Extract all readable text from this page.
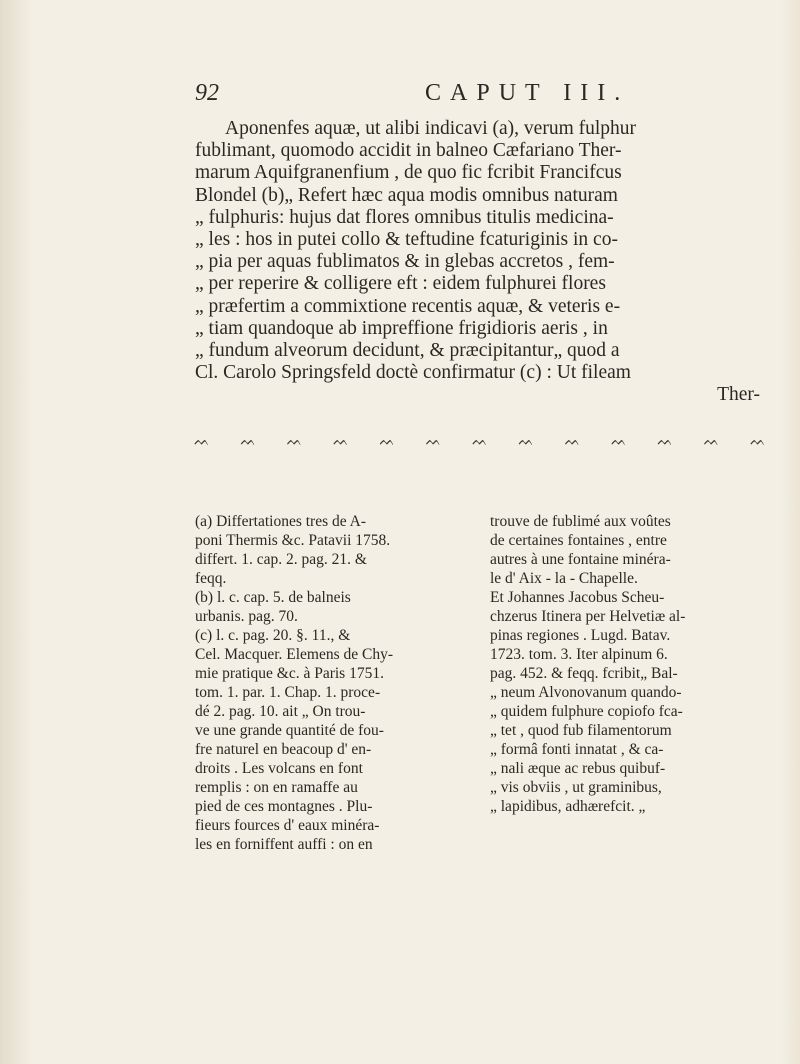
92	CAPUT III.
Aponenfes aquæ, ut alibi indicavi (a), verum fulphur
fublimant, quomodo accidit in balneo Cæfariano Ther-
marum Aquifgranenfium , de quo fic fcribit Francifcus
Blondel (b)„ Refert hæc aqua modis omnibus naturam
„ fulphuris: hujus dat flores omnibus titulis medicina-
„ les : hos in putei collo & teftudine fcaturiginis in co-
„ pia per aquas fublimatos & in glebas accretos , fem-
„ per reperire & colligere eft : eidem fulphurei flores
„ præfertim a commixtione recentis aquæ, & veteris e-
„ tiam quandoque ab impreffione frigidioris aeris , in
„ fundum alveorum decidunt, & præcipitantur„ quod a
Cl. Carolo Springsfeld doctè confirmatur (c) : Ut fileam
Ther-
ᨓ	ᨓ	ᨓ	ᨓ	ᨓ	ᨓ	ᨓ	ᨓ	ᨓ	ᨓ	ᨓ	ᨓ	ᨓ
(a) Differtationes tres de A-
poni Thermis &c. Patavii 1758.
differt. 1. cap. 2. pag. 21. &
feqq.
(b) l. c. cap. 5. de balneis
urbanis. pag. 70.
(c) l. c. pag. 20. §. 11., &
Cel. Macquer. Elemens de Chy-
mie pratique &c. à Paris 1751.
tom. 1. par. 1. Chap. 1. proce-
dé 2. pag. 10. ait „ On trou-
ve une grande quantité de fou-
fre naturel en beacoup d' en-
droits . Les volcans en font
remplis : on en ramaffe au
pied de ces montagnes . Plu-
fieurs fources d' eaux minéra-
les en forniffent auffi : on en
trouve de fublimé aux voûtes
de certaines fontaines , entre
autres à une fontaine minéra-
le d' Aix - la - Chapelle.
Et Johannes Jacobus Scheu-
chzerus Itinera per Helvetiæ al-
pinas regiones . Lugd. Batav.
1723. tom. 3. Iter alpinum 6.
pag. 452. & feqq. fcribit„ Bal-
„ neum Alvonovanum quando-
„ quidem fulphure copiofo fca-
„ tet , quod fub filamentorum
„ formâ fonti innatat , & ca-
„ nali æque ac rebus quibuf-
„ vis obviis , ut graminibus,
„ lapidibus, adhærefcit. „
